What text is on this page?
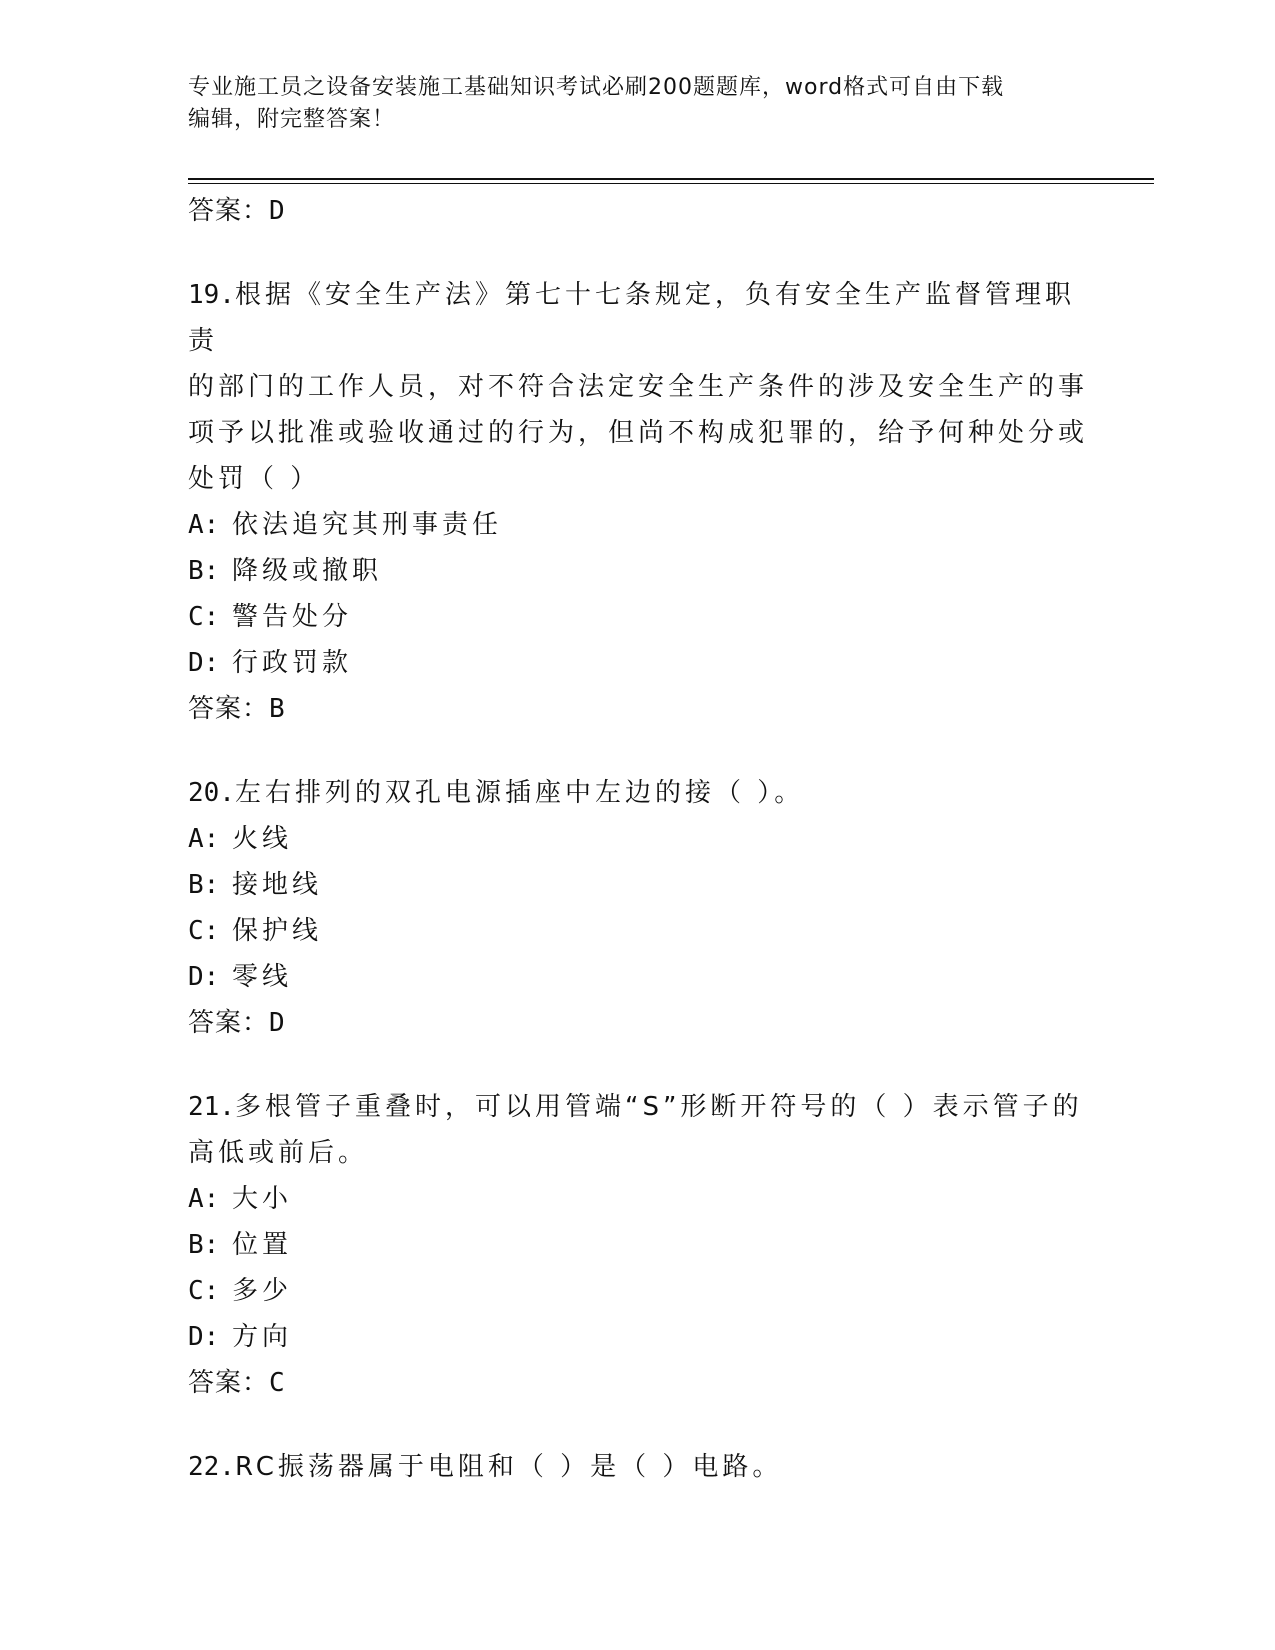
专业施工员之设备安装施工基础知识考试必刷200题题库，word格式可自由下载
编辑，附完整答案！
答案：D
19.根据《安全生产法》第七十七条规定，负有安全生产监督管理职责
的部门的工作人员，对不符合法定安全生产条件的涉及安全生产的事
项予以批准或验收通过的行为，但尚不构成犯罪的，给予何种处分或
处罚（ ）
A: 依法追究其刑事责任
B: 降级或撤职
C: 警告处分
D: 行政罚款
答案：B
20.左右排列的双孔电源插座中左边的接（ ）。
A: 火线
B: 接地线
C: 保护线
D: 零线
答案：D
21.多根管子重叠时，可以用管端“S”形断开符号的（ ）表示管子的
高低或前后。
A: 大小
B: 位置
C: 多少
D: 方向
答案：C
22.RC振荡器属于电阻和（ ）是（ ）电路。
